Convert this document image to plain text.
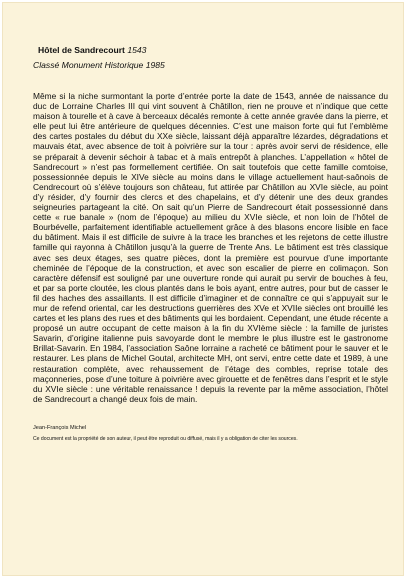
Hôtel de Sandrecourt 1543

Classé Monument Historique 1985

Même si la niche surmontant la porte d’entrée porte la date de 1543, année de naissance du duc de Lorraine Charles III qui vint souvent à Châtillon, rien ne prouve et n’indique que cette maison à tourelle et à cave à berceaux décalés remonte à cette année gravée dans la pierre, et elle peut lui être antérieure de quelques décennies. C’est une maison forte qui fut l’emblème des cartes postales du début du XXe siècle, laissant déjà apparaître lézardes, dégradations et mauvais état, avec absence de toit à poivrière sur la tour : après avoir servi de résidence, elle se préparait à devenir séchoir à tabac et à maïs entrepôt à planches. L’appellation « hôtel de Sandrecourt » n’est pas formellement certifiée. On sait toutefois que cette famille comtoise, possessionnée depuis le XIVe siècle au moins dans le village actuellement haut-saônois de Cendrecourt où s’élève toujours son château, fut attirée par Châtillon au XVIe siècle, au point d’y résider, d’y fournir des clercs et des chapelains, et d’y détenir une des deux grandes seigneuries partageant la cité. On sait qu’un Pierre de Sandrecourt était possessionné dans cette « rue banale » (nom de l’époque) au milieu du XVIe siècle, et non loin de l’hôtel de Bourbévelle, parfaitement identifiable actuellement grâce à des blasons encore lisible en face du bâtiment. Mais il est difficile de suivre à la trace les branches et les rejetons de cette illustre famille qui rayonna à Châtillon jusqu’à la guerre de Trente Ans. Le bâtiment est très classique avec ses deux étages, ses quatre pièces, dont la première est pourvue d’une importante cheminée de l’époque de la construction, et avec son escalier de pierre en colimaçon. Son caractère défensif est souligné par une ouverture ronde qui aurait pu servir de bouches à feu, et par sa porte cloutée, les clous plantés dans le bois ayant, entre autres, pour but de casser le fil des haches des assaillants. Il est difficile d’imaginer et de connaître ce qui s’appuyait sur le mur de refend oriental, car les destructions guerrières des XVe et XVIIe siècles ont brouillé les cartes et les plans des rues et des bâtiments qui les bordaient. Cependant, une étude récente a proposé un autre occupant de cette maison à la fin du XVIème siècle : la famille de juristes Savarin, d’origine italienne puis savoyarde dont le membre le plus illustre est le gastronome Brillat-Savarin. En 1984, l’association Saône lorraine a racheté ce bâtiment pour le sauver et le restaurer. Les plans de Michel Goutal, architecte MH, ont servi, entre cette date et 1989, à une restauration complète, avec rehaussement de l’étage des combles, reprise totale des maçonneries, pose d’une toiture à poivrière avec girouette et de fenêtres dans l’esprit et le style du XVIe siècle : une véritable renaissance ! depuis la revente par la même association, l’hôtel de Sandrecourt a changé deux fois de main.

Jean-François Michel

Ce document est la propriété de son auteur, il peut être reproduit ou diffusé, mais il y a obligation de citer les sources.
